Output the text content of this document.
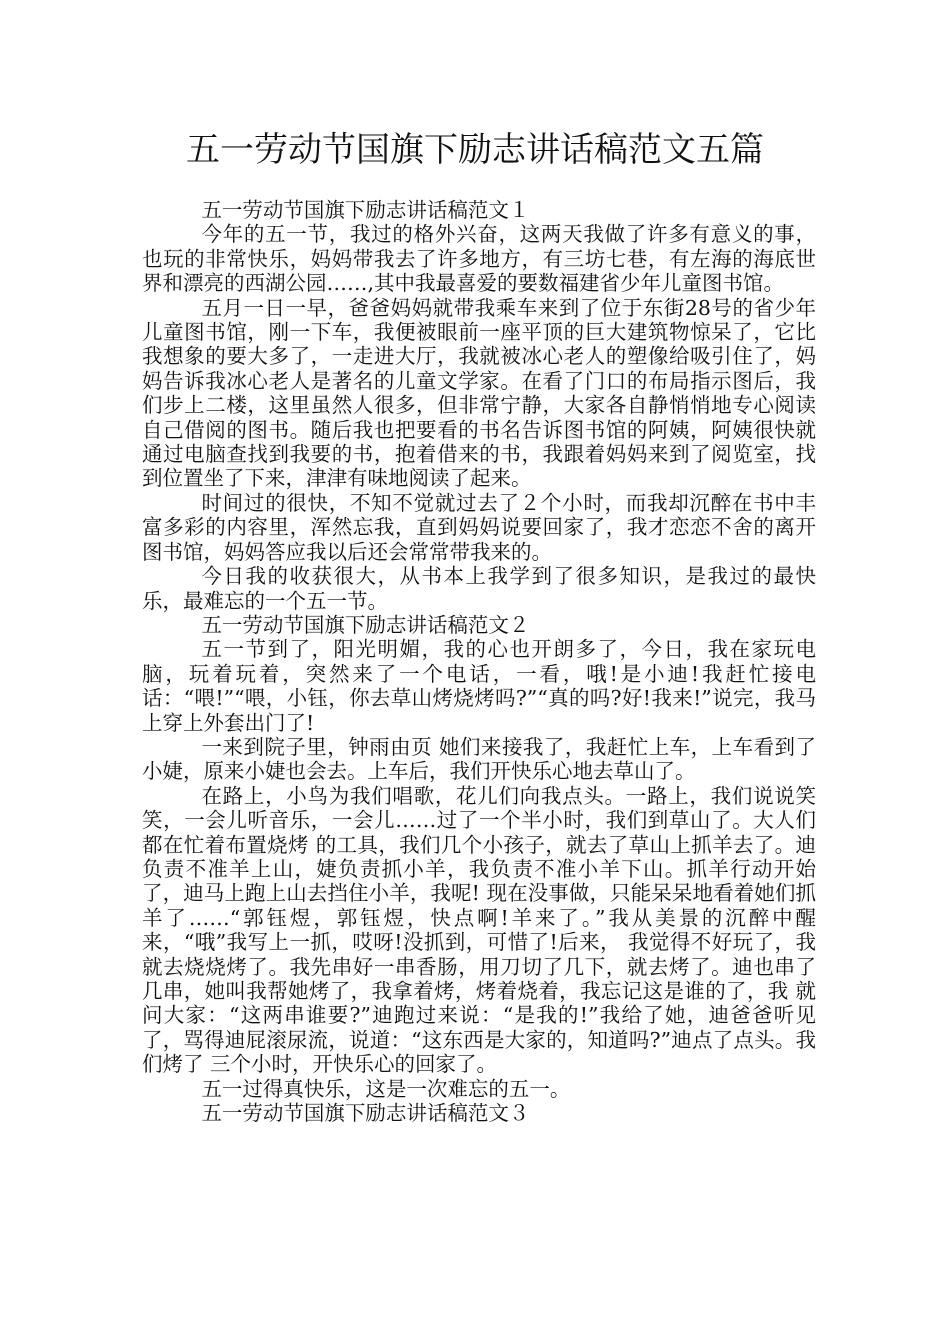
五一劳动节国旗下励志讲话稿范文五篇

五一劳动节国旗下励志讲话稿范文１

今年的五一节，我过的格外兴奋，这两天我做了许多有意义的事，也玩的非常快乐，妈妈带我去了许多地方，有三坊七巷，有左海的海底世界和漂亮的西湖公园……,其中我最喜爱的要数福建省少年儿童图书馆。

五月一日一早，爸爸妈妈就带我乘车来到了位于东街28号的省少年儿童图书馆，刚一下车，我便被眼前一座平顶的巨大建筑物惊呆了，它比我想象的要大多了，一走进大厅，我就被冰心老人的塑像给吸引住了，妈妈告诉我冰心老人是著名的儿童文学家。在看了门口的布局指示图后，我们步上二楼，这里虽然人很多，但非常宁静，大家各自静悄悄地专心阅读自己借阅的图书。随后我也把要看的书名告诉图书馆的阿姨，阿姨很快就通过电脑查找到我要的书，抱着借来的书，我跟着妈妈来到了阅览室，找到位置坐了下来，津津有味地阅读了起来。

时间过的很快，不知不觉就过去了２个小时，而我却沉醉在书中丰富多彩的内容里，浑然忘我，直到妈妈说要回家了，我才恋恋不舍的离开图书馆，妈妈答应我以后还会常常带我来的。

今日我的收获很大，从书本上我学到了很多知识，是我过的最快乐，最难忘的一个五一节。

五一劳动节国旗下励志讲话稿范文２

五一节到了，阳光明媚，我的心也开朗多了，今日，我在家玩电脑，玩着玩着，突然来了一个电话，一看，哦!是小迪!我赶忙接电话：“喂!”“喂，小钰，你去草山烤烧烤吗?”“真的吗?好!我来!”说完，我马上穿上外套出门了!

一来到院子里，钟雨由页 她们来接我了，我赶忙上车，上车看到了小婕，原来小婕也会去。上车后，我们开快乐心地去草山了。

在路上，小鸟为我们唱歌，花儿们向我点头。一路上，我们说说笑笑，一会儿听音乐，一会儿……过了一个半小时，我们到草山了。大人们都在忙着布置烧烤 的工具，我们几个小孩子，就去了草山上抓羊去了。迪负责不准羊上山，婕负责抓小羊，我负责不准小羊下山。抓羊行动开始了，迪马上跑上山去挡住小羊，我呢! 现在没事做，只能呆呆地看着她们抓羊了……“郭钰煜，郭钰煜，快点啊!羊来了。”我从美景的沉醉中醒来，“哦”我写上一抓，哎呀!没抓到，可惜了!后来， 我觉得不好玩了，我就去烧烧烤了。我先串好一串香肠，用刀切了几下，就去烤了。迪也串了几串，她叫我帮她烤了，我拿着烤，烤着烧着，我忘记这是谁的了，我 就问大家：“这两串谁要?”迪跑过来说：“是我的!”我给了她，迪爸爸听见了，骂得迪屁滚尿流，说道：“这东西是大家的，知道吗?”迪点了点头。我们烤了 三个小时，开快乐心的回家了。

五一过得真快乐，这是一次难忘的五一。

五一劳动节国旗下励志讲话稿范文３
